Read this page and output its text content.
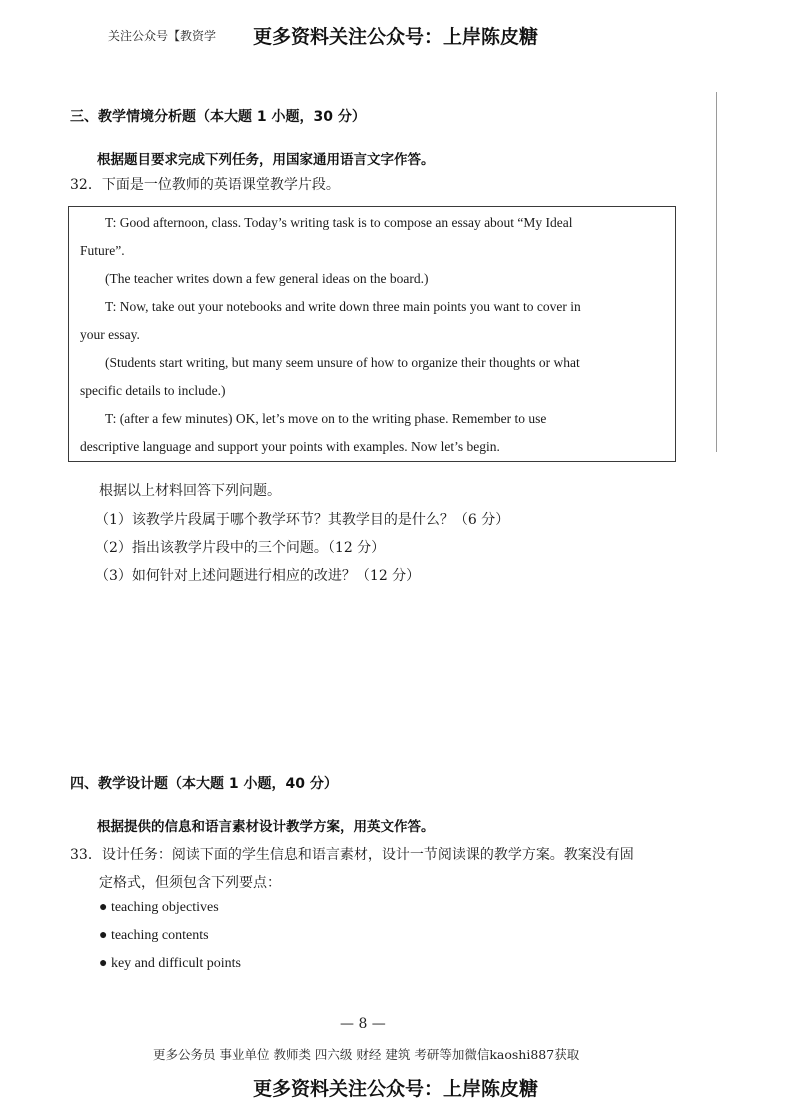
关注公众号【教资学 更多资料关注公众号：上岸陈皮糖
三、教学情境分析题（本大题 1 小题，30 分）
根据题目要求完成下列任务，用国家通用语言文字作答。
32．下面是一位教师的英语课堂教学片段。
T: Good afternoon, class. Today’s writing task is to compose an essay about “My Ideal
Future”.
(The teacher writes down a few general ideas on the board.)
T: Now, take out your notebooks and write down three main points you want to cover in
your essay.
(Students start writing, but many seem unsure of how to organize their thoughts or what
specific details to include.)
T: (after a few minutes) OK, let’s move on to the writing phase. Remember to use
descriptive language and support your points with examples. Now let’s begin.
根据以上材料回答下列问题。
（1）该教学片段属于哪个教学环节？其教学目的是什么？（6 分）
（2）指出该教学片段中的三个问题。（12 分）
（3）如何针对上述问题进行相应的改进？（12 分）
四、教学设计题（本大题 1 小题，40 分）
根据提供的信息和语言素材设计教学方案，用英文作答。
33．设计任务：阅读下面的学生信息和语言素材，设计一节阅读课的教学方案。教案没有固
定格式，但须包含下列要点：
● teaching objectives
● teaching contents
● key and difficult points
— 8 —
更多公务员 事业单位 教师类 四六级 财经 建筑 考研等加微信kaoshi887获取
更多资料关注公众号：上岸陈皮糖
